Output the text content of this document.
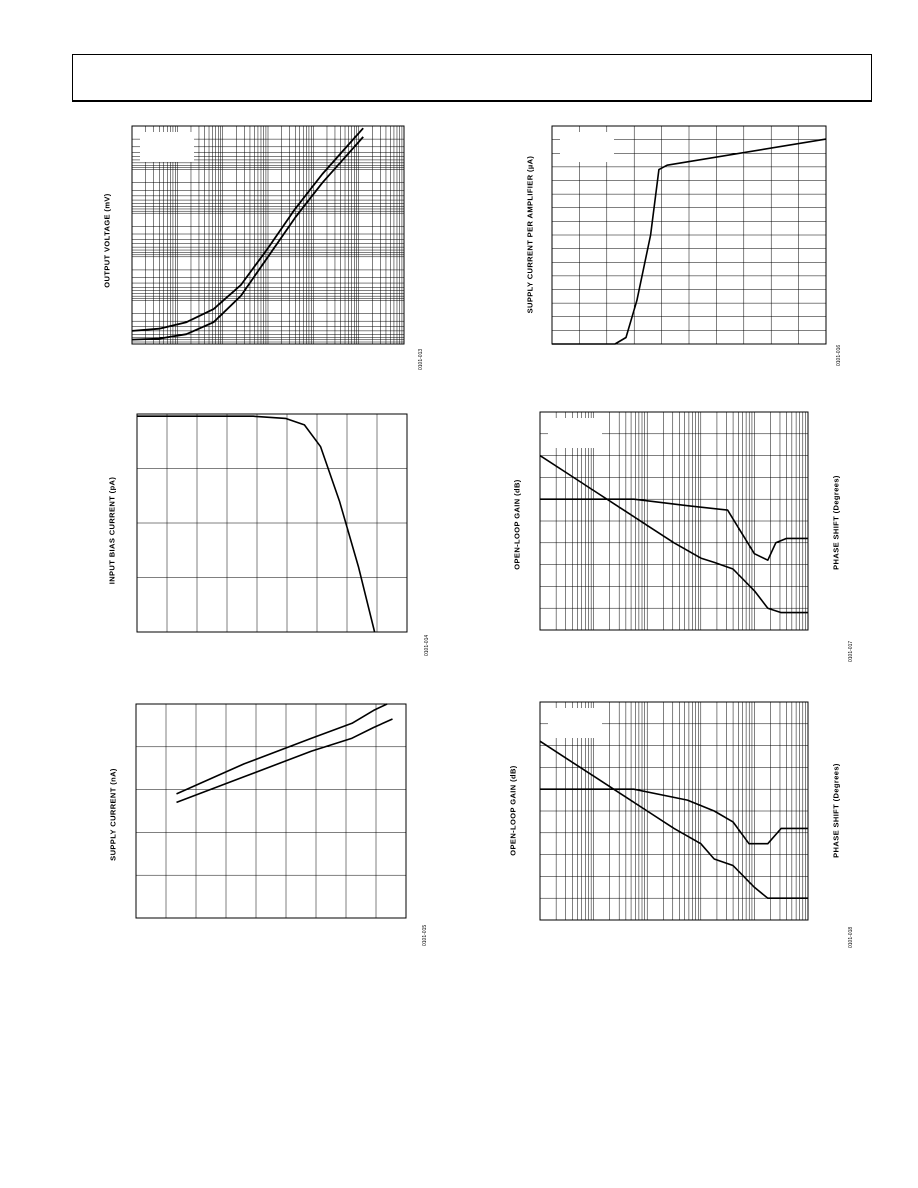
OUTPUT VOLTAGE (mV)
0101-013
SUPPLY CURRENT PER AMPLIFIER (µA)
0101-016
INPUT BIAS CURRENT (pA)
0101-014
OPEN-LOOP GAIN (dB)	PHASE SHIFT (Degrees)
0101-017
SUPPLY CURRENT (nA)
0101-015
OPEN-LOOP GAIN (dB)	PHASE SHIFT (Degrees)
0101-018
